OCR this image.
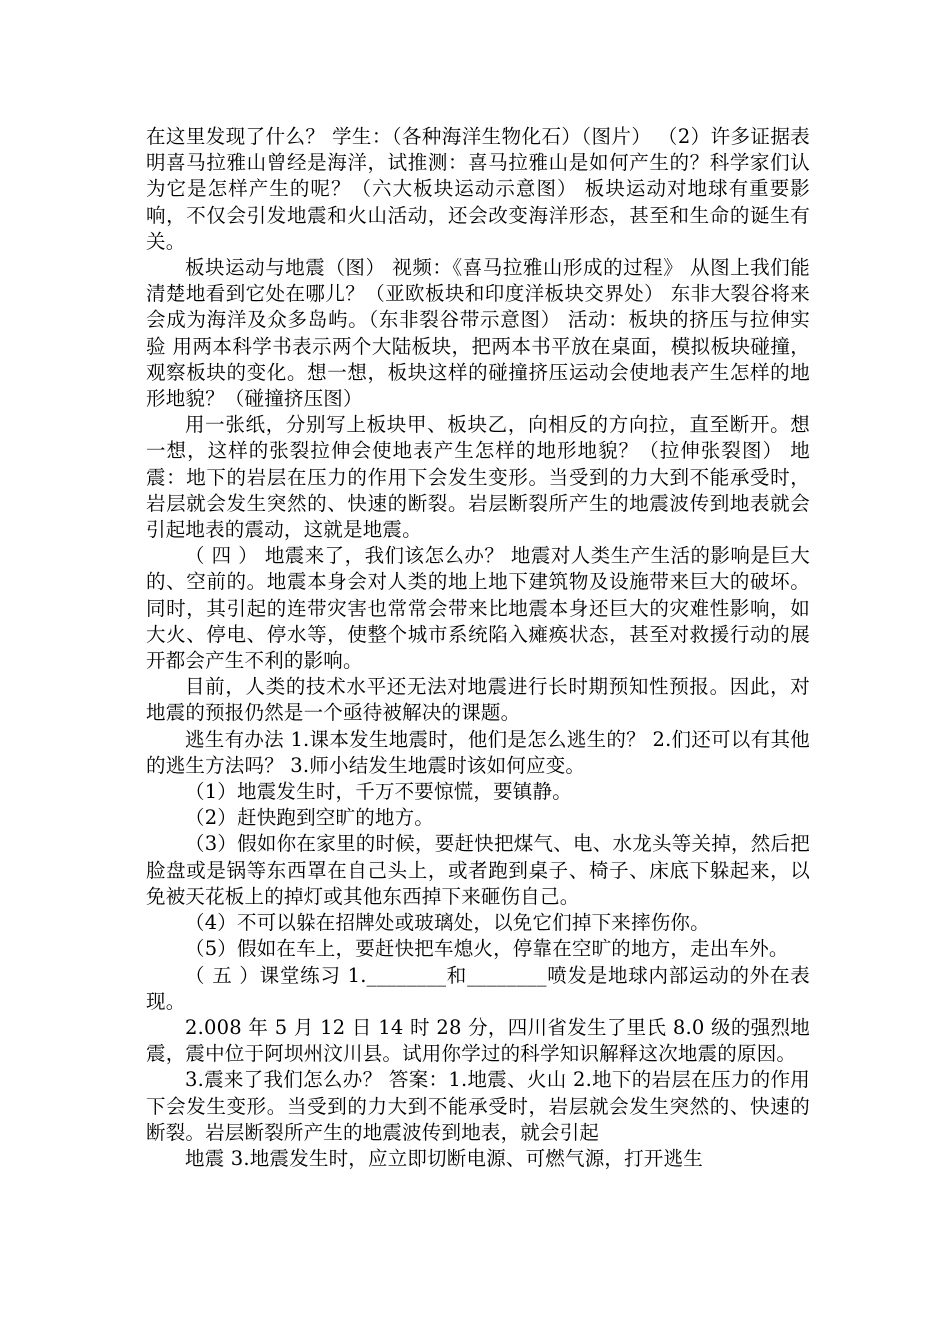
在这里发现了什么？ 学生：（各种海洋生物化石）（图片） （2）许多证据表明喜马拉雅山曾经是海洋，试推测：喜马拉雅山是如何产生的？科学家们认为它是怎样产生的呢？（六大板块运动示意图） 板块运动对地球有重要影响，不仅会引发地震和火山活动，还会改变海洋形态，甚至和生命的诞生有关。

板块运动与地震（图） 视频：《喜马拉雅山形成的过程》 从图上我们能清楚地看到它处在哪儿？（亚欧板块和印度洋板块交界处） 东非大裂谷将来会成为海洋及众多岛屿。（东非裂谷带示意图） 活动：板块的挤压与拉伸实验 用两本科学书表示两个大陆板块，把两本书平放在桌面，模拟板块碰撞，观察板块的变化。想一想，板块这样的碰撞挤压运动会使地表产生怎样的地形地貌？（碰撞挤压图）

用一张纸，分别写上板块甲、板块乙，向相反的方向拉，直至断开。想一想，这样的张裂拉伸会使地表产生怎样的地形地貌？（拉伸张裂图） 地震：地下的岩层在压力的作用下会发生变形。当受到的力大到不能承受时，岩层就会发生突然的、快速的断裂。岩层断裂所产生的地震波传到地表就会引起地表的震动，这就是地震。

（ 四 ） 地震来了，我们该怎么办？ 地震对人类生产生活的影响是巨大的、空前的。地震本身会对人类的地上地下建筑物及设施带来巨大的破坏。同时，其引起的连带灾害也常常会带来比地震本身还巨大的灾难性影响，如大火、停电、停水等，使整个城市系统陷入瘫痪状态，甚至对救援行动的展开都会产生不利的影响。

目前，人类的技术水平还无法对地震进行长时期预知性预报。因此，对地震的预报仍然是一个亟待被解决的课题。

逃生有办法 1.课本发生地震时，他们是怎么逃生的？ 2.们还可以有其他的逃生方法吗？ 3.师小结发生地震时该如何应变。

（1）地震发生时，千万不要惊慌，要镇静。

（2）赶快跑到空旷的地方。

（3）假如你在家里的时候，要赶快把煤气、电、水龙头等关掉，然后把脸盘或是锅等东西罩在自己头上，或者跑到桌子、椅子、床底下躲起来，以免被天花板上的掉灯或其他东西掉下来砸伤自己。

（4）不可以躲在招牌处或玻璃处，以免它们掉下来摔伤你。

（5）假如在车上，要赶快把车熄火，停靠在空旷的地方，走出车外。

（ 五 ）课堂练习 1.________和________喷发是地球内部运动的外在表现。

2.008 年 5 月 12 日 14 时 28 分，四川省发生了里氏 8.0 级的强烈地震，震中位于阿坝州汶川县。试用你学过的科学知识解释这次地震的原因。

3.震来了我们怎么办？ 答案：1.地震、火山 2.地下的岩层在压力的作用下会发生变形。当受到的力大到不能承受时，岩层就会发生突然的、快速的断裂。岩层断裂所产生的地震波传到地表，就会引起

地震 3.地震发生时，应立即切断电源、可燃气源，打开逃生
